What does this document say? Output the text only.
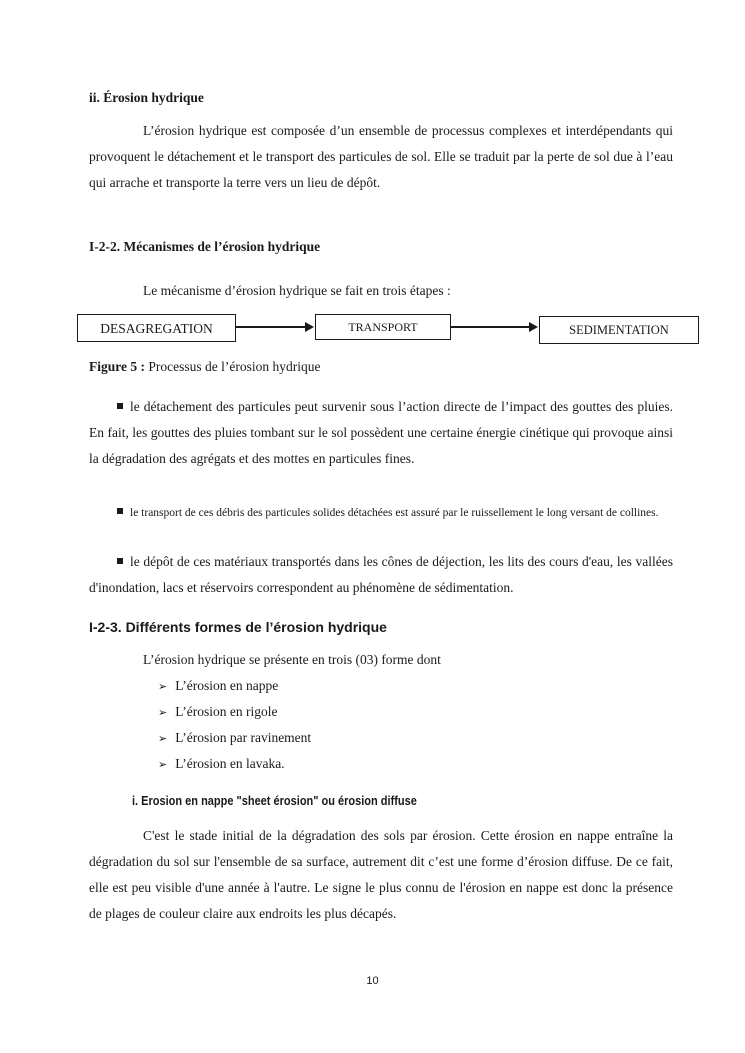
ii. Érosion hydrique

L’érosion hydrique est composée d’un ensemble de processus complexes et interdépendants qui provoquent le détachement et le transport des particules de sol. Elle se traduit par la perte de sol due à l’eau qui arrache et transporte la terre vers un lieu de dépôt.

I-2-2. Mécanismes de l’érosion hydrique
Le mécanisme d’érosion hydrique se fait en trois étapes :
DESAGREGATION	TRANSPORT	SEDIMENTATION
Figure 5 : Processus de l’érosion hydrique

le détachement des particules peut survenir sous l’action directe de l’impact des gouttes des pluies. En fait, les gouttes des pluies tombant sur le sol possèdent une certaine énergie cinétique qui provoque ainsi la dégradation des agrégats et des mottes en particules fines.

le transport de ces débris des particules solides détachées est assuré par le ruissellement le long versant de collines.

le dépôt de ces matériaux transportés dans les cônes de déjection, les lits des cours d'eau, les vallées d'inondation, lacs et réservoirs correspondent au phénomène de sédimentation.

I-2-3. Différents formes de l’érosion hydrique
L’érosion hydrique se présente en trois (03) forme dont
➢ L’érosion en nappe
➢ L’érosion en rigole
➢ L’érosion par ravinement
➢ L’érosion en lavaka.
i. Erosion en nappe "sheet érosion" ou érosion diffuse

C'est le stade initial de la dégradation des sols par érosion. Cette érosion en nappe entraîne la dégradation du sol sur l'ensemble de sa surface, autrement dit c’est une forme d’érosion diffuse. De ce fait, elle est peu visible d'une année à l'autre. Le signe le plus connu de l'érosion en nappe est donc la présence de plages de couleur claire aux endroits les plus décapés.

10
